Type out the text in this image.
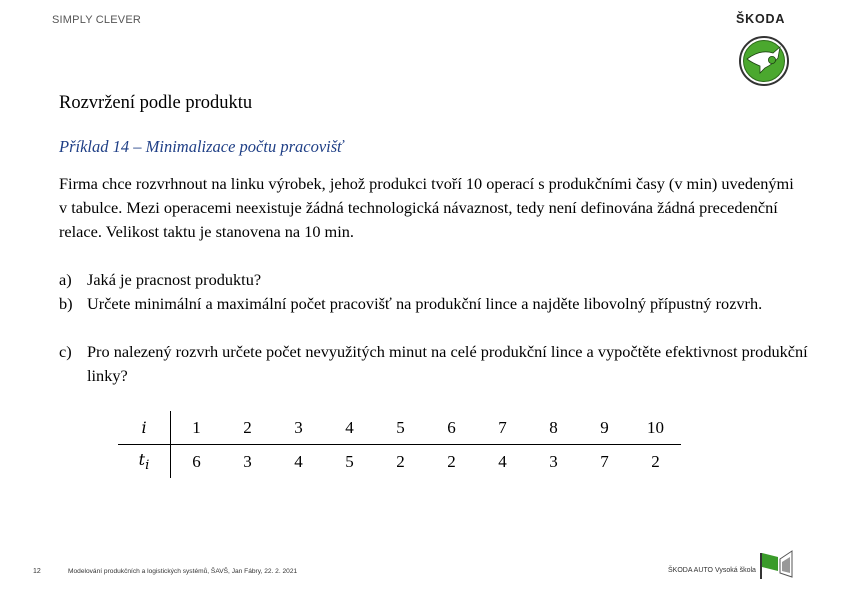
SIMPLY CLEVER	ŠKODA
Rozvržení podle produktu
Příklad 14 – Minimalizace počtu pracovišť

Firma chce rozvrhnout na linku výrobek, jehož produkci tvoří 10 operací s produkčními časy (v min) uvedenými v tabulce. Mezi operacemi neexistuje žádná technologická návaznost, tedy není definována žádná precedenční relace. Velikost taktu je stanovena na 10 min.

a) Jaká je pracnost produktu?
b) Určete minimální a maximální počet pracovišť na produkční lince a najděte libovolný přípustný rozvrh.
c) Pro nalezený rozvrh určete počet nevyužitých minut na celé produkční lince a vypočtěte efektivnost produkční linky?
i	1	2	3	4	5	6	7	8	9	10
$t_i$	6	3	4	5	2	2	4	3	7	2
12	Modelování produkčních a logistických systémů, ŠAVŠ, Jan Fábry, 22. 2. 2021	ŠKODA AUTO Vysoká škola
